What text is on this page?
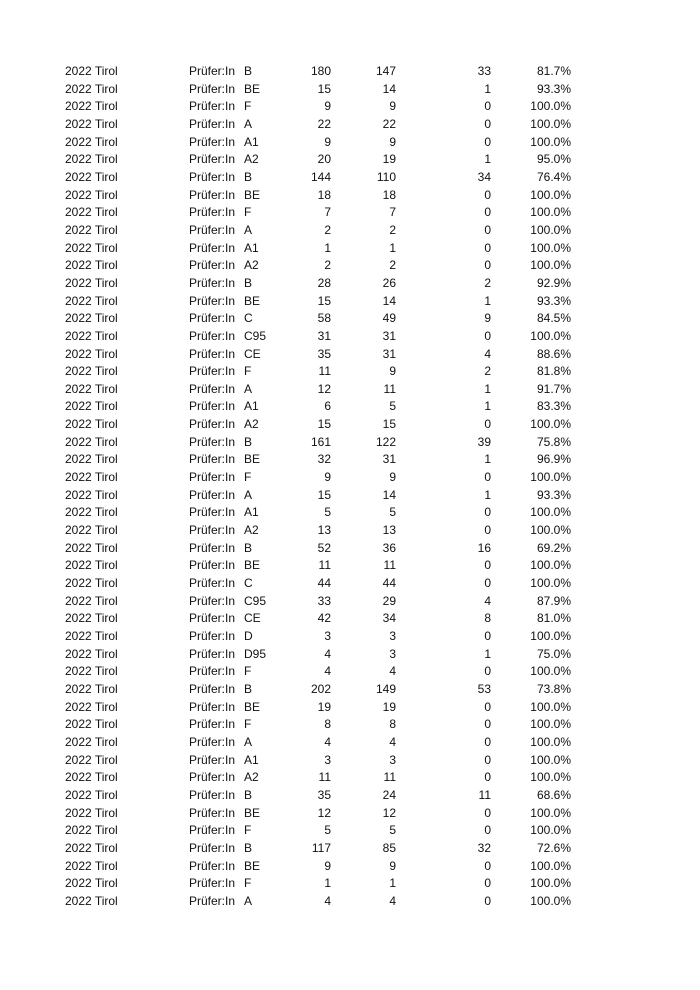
2022 Tirol	Prüfer:In	B	180	147	33	81.7%
2022 Tirol	Prüfer:In	BE	15	14	1	93.3%
2022 Tirol	Prüfer:In	F	9	9	0	100.0%
2022 Tirol	Prüfer:In	A	22	22	0	100.0%
2022 Tirol	Prüfer:In	A1	9	9	0	100.0%
2022 Tirol	Prüfer:In	A2	20	19	1	95.0%
2022 Tirol	Prüfer:In	B	144	110	34	76.4%
2022 Tirol	Prüfer:In	BE	18	18	0	100.0%
2022 Tirol	Prüfer:In	F	7	7	0	100.0%
2022 Tirol	Prüfer:In	A	2	2	0	100.0%
2022 Tirol	Prüfer:In	A1	1	1	0	100.0%
2022 Tirol	Prüfer:In	A2	2	2	0	100.0%
2022 Tirol	Prüfer:In	B	28	26	2	92.9%
2022 Tirol	Prüfer:In	BE	15	14	1	93.3%
2022 Tirol	Prüfer:In	C	58	49	9	84.5%
2022 Tirol	Prüfer:In	C95	31	31	0	100.0%
2022 Tirol	Prüfer:In	CE	35	31	4	88.6%
2022 Tirol	Prüfer:In	F	11	9	2	81.8%
2022 Tirol	Prüfer:In	A	12	11	1	91.7%
2022 Tirol	Prüfer:In	A1	6	5	1	83.3%
2022 Tirol	Prüfer:In	A2	15	15	0	100.0%
2022 Tirol	Prüfer:In	B	161	122	39	75.8%
2022 Tirol	Prüfer:In	BE	32	31	1	96.9%
2022 Tirol	Prüfer:In	F	9	9	0	100.0%
2022 Tirol	Prüfer:In	A	15	14	1	93.3%
2022 Tirol	Prüfer:In	A1	5	5	0	100.0%
2022 Tirol	Prüfer:In	A2	13	13	0	100.0%
2022 Tirol	Prüfer:In	B	52	36	16	69.2%
2022 Tirol	Prüfer:In	BE	11	11	0	100.0%
2022 Tirol	Prüfer:In	C	44	44	0	100.0%
2022 Tirol	Prüfer:In	C95	33	29	4	87.9%
2022 Tirol	Prüfer:In	CE	42	34	8	81.0%
2022 Tirol	Prüfer:In	D	3	3	0	100.0%
2022 Tirol	Prüfer:In	D95	4	3	1	75.0%
2022 Tirol	Prüfer:In	F	4	4	0	100.0%
2022 Tirol	Prüfer:In	B	202	149	53	73.8%
2022 Tirol	Prüfer:In	BE	19	19	0	100.0%
2022 Tirol	Prüfer:In	F	8	8	0	100.0%
2022 Tirol	Prüfer:In	A	4	4	0	100.0%
2022 Tirol	Prüfer:In	A1	3	3	0	100.0%
2022 Tirol	Prüfer:In	A2	11	11	0	100.0%
2022 Tirol	Prüfer:In	B	35	24	11	68.6%
2022 Tirol	Prüfer:In	BE	12	12	0	100.0%
2022 Tirol	Prüfer:In	F	5	5	0	100.0%
2022 Tirol	Prüfer:In	B	117	85	32	72.6%
2022 Tirol	Prüfer:In	BE	9	9	0	100.0%
2022 Tirol	Prüfer:In	F	1	1	0	100.0%
2022 Tirol	Prüfer:In	A	4	4	0	100.0%
